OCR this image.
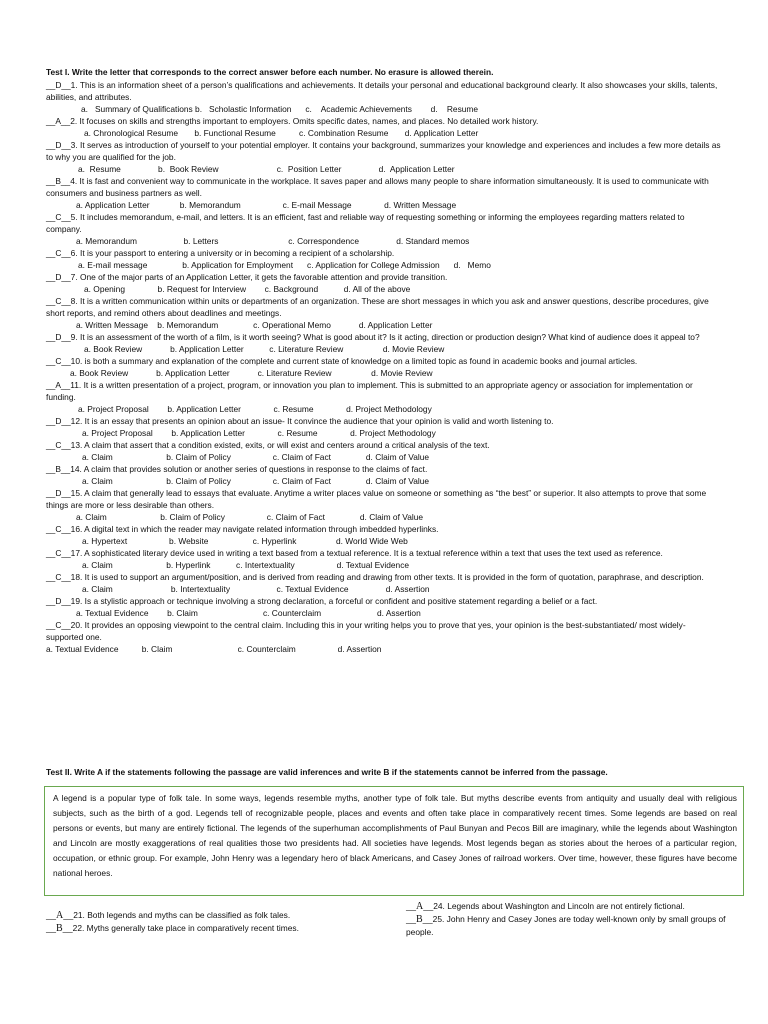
Test I. Write the letter that corresponds to the correct answer before each number. No erasure is allowed therein.
__D__1. This is an information sheet of a person’s qualifications and achievements. It details your personal and educational background clearly. It also showcases your skills, talents, abilities, and attributes.
a.   Summary of Qualifications b.   Scholastic Information      c.    Academic Achievements        d.    Resume
__A__2. It focuses on skills and strengths important to employers. Omits specific dates, names, and places. No detailed work history.
a. Chronological Resume       b. Functional Resume          c. Combination Resume       d. Application Letter
__D__3. It serves as introduction of yourself to your potential employer. It contains your background, summarizes your knowledge and experiences and includes a few more details as to why you are qualified for the job.
a.  Resume                b.  Book Review                         c.  Position Letter                d.  Application Letter
__B__4. It is fast and convenient way to communicate in the workplace. It saves paper and allows many people to share information simultaneously. It is used to communicate with consumers and business partners as well.
a. Application Letter             b. Memorandum                  c. E-mail Message              d. Written Message
__C__5. It includes memorandum, e-mail, and letters. It is an efficient, fast and reliable way of requesting something or informing the employees regarding matters related to company.
a. Memorandum                    b. Letters                              c. Correspondence                d. Standard memos
__C__6. It is your passport to entering a university or in becoming a recipient of a scholarship.
a. E-mail message               b. Application for Employment      c. Application for College Admission      d.   Memo
__D__7. One of the major parts of an Application Letter, it gets the favorable attention and provide transition.
a. Opening              b. Request for Interview        c. Background           d. All of the above
__C__8. It is a written communication within units or departments of an organization. These are short messages in which you ask and answer questions, describe procedures, give short reports, and remind others about deadlines and meetings.
a. Written Message    b. Memorandum               c. Operational Memo            d. Application Letter
__D__9. It is an assessment of the worth of a film, is it worth seeing? What is good about it? Is it acting, direction or production design? What kind of audience does it appeal to?
a. Book Review            b. Application Letter           c. Literature Review                 d. Movie Review
__C__10. is both a summary and explanation of the complete and current state of knowledge on a limited topic as found in academic books and journal articles.
a. Book Review            b. Application Letter            c. Literature Review                 d. Movie Review
__A__11. It is a written presentation of a project, program, or innovation you plan to implement. This is submitted to an appropriate agency or association for implementation or funding.
a. Project Proposal        b. Application Letter              c. Resume              d. Project Methodology
__D__12. It is an essay that presents an opinion about an issue- It convince the audience that your opinion is valid and worth listening to.
a. Project Proposal        b. Application Letter              c. Resume              d. Project Methodology
__C__13. A claim that assert that a condition existed, exits, or will exist and centers around a critical analysis of the text.
a. Claim                       b. Claim of Policy                  c. Claim of Fact               d. Claim of Value
__B__14. A claim that provides solution or another series of questions in response to the claims of fact.
a. Claim                       b. Claim of Policy                  c. Claim of Fact               d. Claim of Value
__D__15. A claim that generally lead to essays that evaluate. Anytime a writer places value on someone or something as “the best” or superior. It also attempts to prove that some things are more or less desirable than others.
a. Claim                       b. Claim of Policy                  c. Claim of Fact               d. Claim of Value
__C__16. A digital text in which the reader may navigate related information through imbedded hyperlinks.
a. Hypertext                  b. Website                   c. Hyperlink                 d. World Wide Web
__C__17. A sophisticated literary device used in writing a text based from a textual reference. It is a textual reference within a text that uses the text used as reference.
a. Claim                       b. Hyperlink           c. Intertextuality                  d. Textual Evidence
__C__18. It is used to support an argument/position, and is derived from reading and drawing from other texts. It is provided in the form of quotation, paraphrase, and description.
a. Claim                         b. Intertextuality                    c. Textual Evidence                d. Assertion
__D__19. Is a stylistic approach or technique involving a strong declaration, a forceful or confident and positive statement regarding a belief or a fact.
a. Textual Evidence        b. Claim                            c. Counterclaim                        d. Assertion
__C__20. It provides an opposing viewpoint to the central claim. Including this in your writing helps you to prove that yes, your opinion is the best-substantiated/ most widely-supported one.
a. Textual Evidence          b. Claim                            c. Counterclaim                  d. Assertion
Test II. Write A if the statements following the passage are valid inferences and write B if the statements cannot be inferred from the passage.
A legend is a popular type of folk tale. In some ways, legends resemble myths, another type of folk tale. But myths describe events from antiquity and usually deal with religious subjects, such as the birth of a god. Legends tell of recognizable people, places and events and often take place in comparatively recent times. Some legends are based on real persons or events, but many are entirely fictional. The legends of the superhuman accomplishments of Paul Bunyan and Pecos Bill are imaginary, while the legends about Washington and Lincoln are mostly exaggerations of real qualities those two presidents had. All societies have legends. Most legends began as stories about the heroes of a particular region, occupation, or ethnic group. For example, John Henry was a legendary hero of black Americans, and Casey Jones of railroad workers. Over time, however, these figures have become national heroes.
__A__21. Both legends and myths can be classified as folk tales.
__B__22. Myths generally take place in comparatively recent times.
__A__24. Legends about Washington and Lincoln are not entirely fictional.
__B__25. John Henry and Casey Jones are today well-known only by small groups of people.
